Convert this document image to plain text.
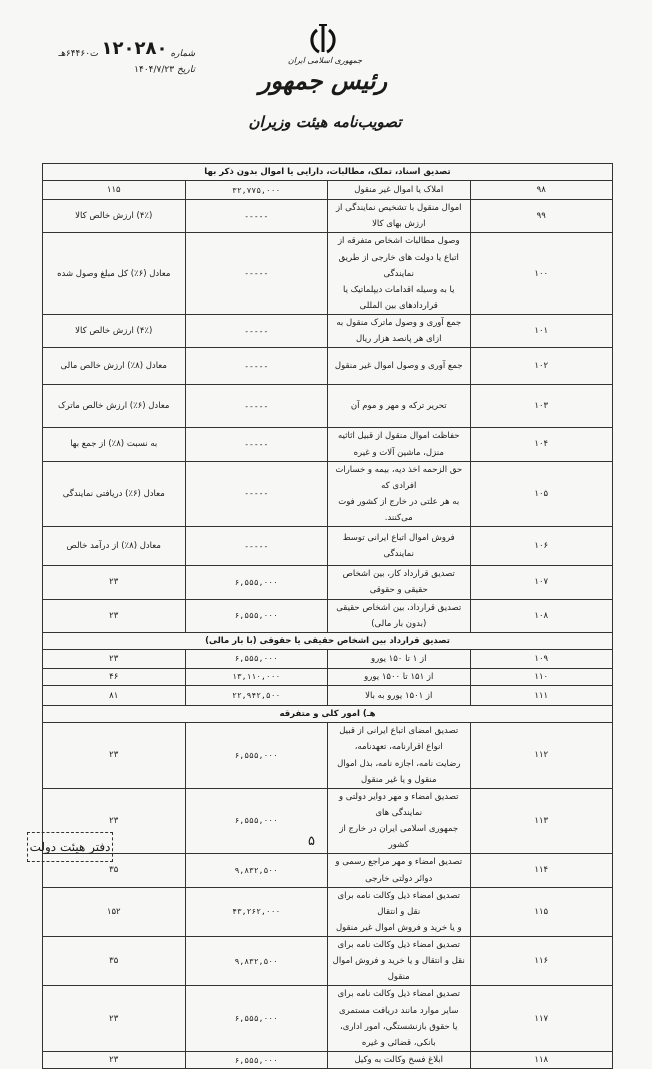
جمهوری اسلامی ایران
رئیس جمهور
تصویب‌نامه هیئت وزیران
شماره
۱۲۰۲۸۰
ت۶۴۴۶۰هـ
تاریخ
۱۴۰۴/۷/۲۳
تصدیق اسناد، تملک، مطالبات، دارایی یا اموال بدون ذکر بها			
۹۸	املاک یا اموال غیر منقول	۳۲,۷۷۵,۰۰۰	۱۱۵
۹۹	اموال منقول با تشخیص نمایندگی از ارزش بهای کالا	-----	(۴٪) ارزش خالص کالا
۱۰۰	وصول مطالبات اشخاص متفرقه از اتباع یا دولت های خارجی از طریق نمایندگی
یا به وسیله اقدامات دیپلماتیک یا قراردادهای بین المللی	-----	معادل (۶٪) کل مبلغ وصول شده
۱۰۱	جمع آوری و وصول ماترک منقول به ازای هر پانصد هزار ریال	-----	(۴٪) ارزش خالص کالا
۱۰۲	جمع آوری و وصول اموال غیر منقول	-----	معادل (۸٪) ارزش خالص مالی
۱۰۳	تحریر ترکه و مهر و موم آن	-----	معادل (۶٪) ارزش خالص ماترک
۱۰۴	حفاظت اموال منقول از قبیل اثاثیه منزل، ماشین آلات و غیره	-----	به نسبت (۸٪) از جمع بها
۱۰۵	حق الزحمه اخذ دیه، بیمه و خسارات افرادی که
به هر علتی در خارج از کشور فوت می‌کنند.	-----	معادل (۶٪) دریافتی نمایندگی
۱۰۶	فروش اموال اتباع ایرانی توسط نمایندگی	-----	معادل (۸٪) از درآمد خالص
۱۰۷	تصدیق قرارداد کار، بین اشخاص حقیقی و حقوقی	۶,۵۵۵,۰۰۰	۲۳
۱۰۸	تصدیق قرارداد، بین اشخاص حقیقی (بدون بار مالی)	۶,۵۵۵,۰۰۰	۲۳
تصدیق قرارداد بین اشخاص حقیقی یا حقوقی (با بار مالی)			
۱۰۹	از ۱ تا ۱۵۰ یورو	۶,۵۵۵,۰۰۰	۲۳
۱۱۰	از ۱۵۱ تا ۱۵۰۰ یورو	۱۳,۱۱۰,۰۰۰	۴۶
۱۱۱	از ۱۵۰۱ یورو به بالا	۲۲,۹۴۲,۵۰۰	۸۱
هـ) امور کلی و متفرقه			
۱۱۲	تصدیق امضای اتباع ایرانی از قبیل انواع اقرارنامه، تعهدنامه،
رضایت نامه، اجازه نامه، بذل اموال منقول و یا غیر منقول	۶,۵۵۵,۰۰۰	۲۳
۱۱۳	تصدیق امضاء و مهر دوایر دولتی و نمایندگی های
جمهوری اسلامی ایران در خارج از کشور	۶,۵۵۵,۰۰۰	۲۳
۱۱۴	تصدیق امضاء و مهر مراجع رسمی و دوائر دولتی خارجی	۹,۸۳۲,۵۰۰	۳۵
۱۱۵	تصدیق امضاء ذیل وکالت نامه برای نقل و انتقال
و یا خرید و فروش اموال غیر منقول	۴۳,۲۶۲,۰۰۰	۱۵۲
۱۱۶	تصدیق امضاء ذیل وکالت نامه برای نقل و انتقال و یا خرید و فروش اموال منقول	۹,۸۳۲,۵۰۰	۳۵
۱۱۷	تصدیق امضاء ذیل وکالت نامه برای سایر موارد مانند دریافت مستمری
یا حقوق بازنشستگی، امور اداری، بانکی، قضائی و غیره	۶,۵۵۵,۰۰۰	۲۳
۱۱۸	ابلاغ فسخ وکالت به وکیل	۶,۵۵۵,۰۰۰	۲۳
دفتر هیئت دولت	۵
